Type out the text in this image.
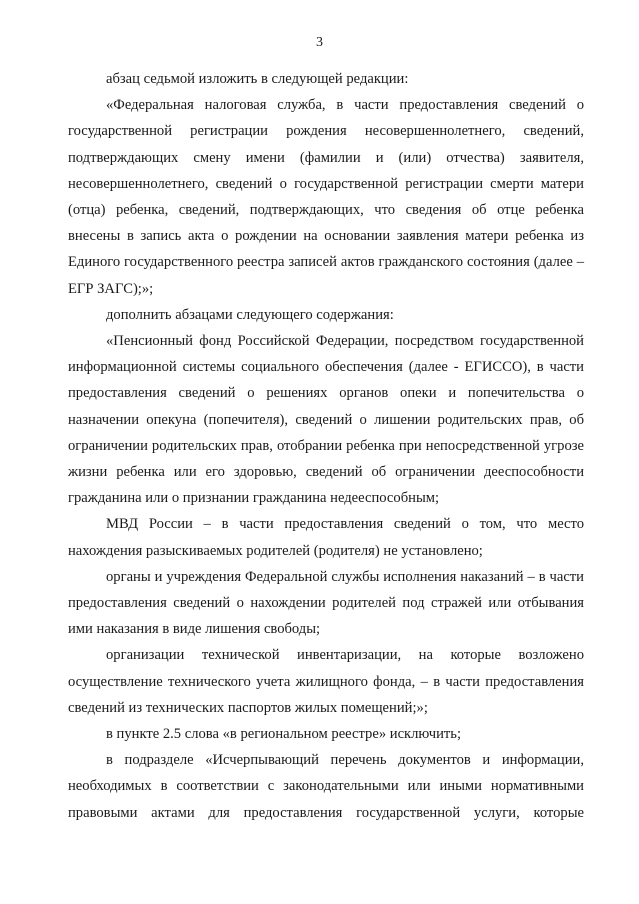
3

абзац седьмой изложить в следующей редакции:

«Федеральная налоговая служба, в части предоставления сведений о государственной регистрации рождения несовершеннолетнего, сведений, подтверждающих смену имени (фамилии и (или) отчества) заявителя, несовершеннолетнего, сведений о государственной регистрации смерти матери (отца) ребенка, сведений, подтверждающих, что сведения об отце ребенка внесены в запись акта о рождении на основании заявления матери ребенка из Единого государственного реестра записей актов гражданского состояния (далее – ЕГР ЗАГС);»;

дополнить абзацами следующего содержания:

«Пенсионный фонд Российской Федерации, посредством государственной информационной системы социального обеспечения (далее - ЕГИССО), в части предоставления сведений о решениях органов опеки и попечительства о назначении опекуна (попечителя), сведений о лишении родительских прав, об ограничении родительских прав, отобрании ребенка при непосредственной угрозе жизни ребенка или его здоровью, сведений об ограничении дееспособности гражданина или о признании гражданина недееспособным;

МВД России – в части предоставления сведений о том, что место нахождения разыскиваемых родителей (родителя) не установлено;

органы и учреждения Федеральной службы исполнения наказаний – в части предоставления сведений о нахождении родителей под стражей или отбывания ими наказания в виде лишения свободы;

организации технической инвентаризации, на которые возложено осуществление технического учета жилищного фонда, – в части предоставления сведений из технических паспортов жилых помещений;»;

в пункте 2.5 слова «в региональном реестре» исключить;

в подразделе «Исчерпывающий перечень документов и информации, необходимых в соответствии с законодательными или иными нормативными правовыми актами для предоставления государственной услуги, которые
